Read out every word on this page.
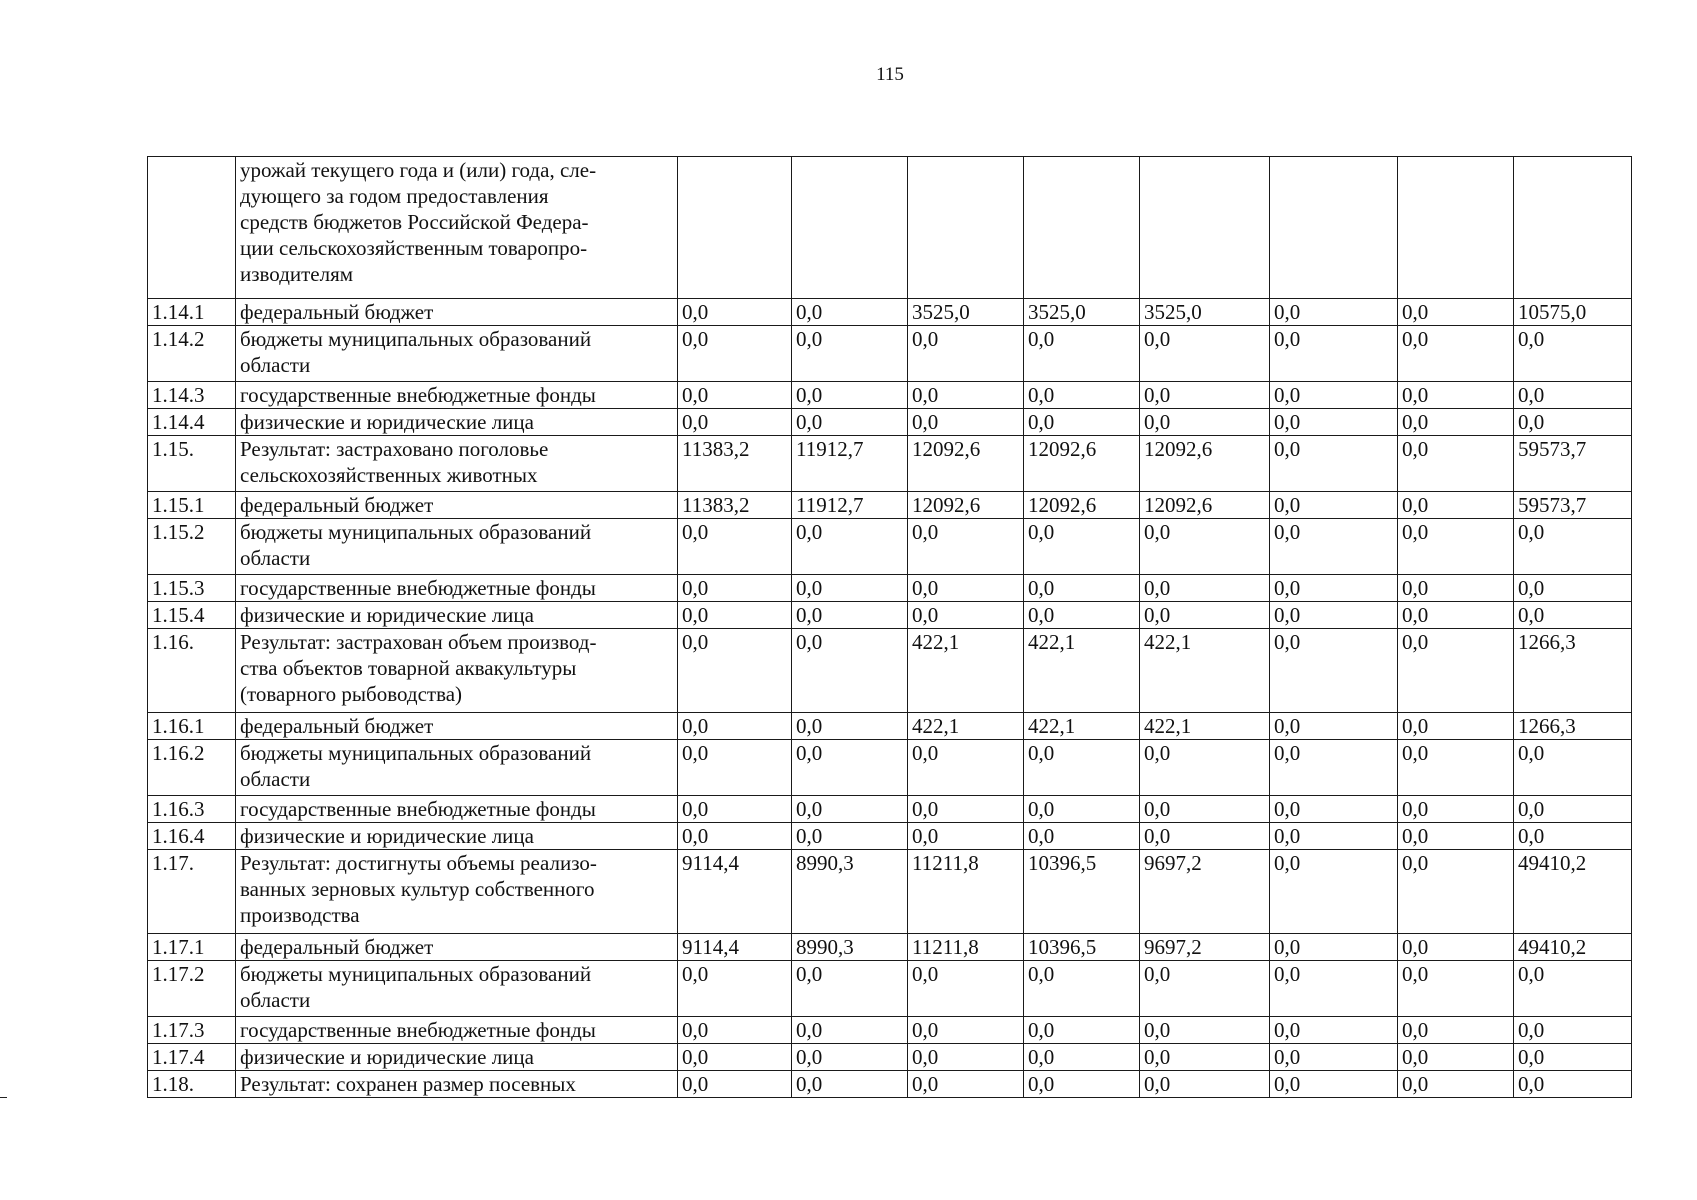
115
	урожай текущего года и (или) года, сле-
дующего за годом предоставления
средств бюджетов Российской Федера-
ции сельскохозяйственным товаропро-
изводителям								
1.14.1	федеральный бюджет	0,0	0,0	3525,0	3525,0	3525,0	0,0	0,0	10575,0
1.14.2	бюджеты муниципальных образований
области	0,0	0,0	0,0	0,0	0,0	0,0	0,0	0,0
1.14.3	государственные внебюджетные фонды	0,0	0,0	0,0	0,0	0,0	0,0	0,0	0,0
1.14.4	физические и юридические лица	0,0	0,0	0,0	0,0	0,0	0,0	0,0	0,0
1.15.	Результат: застраховано поголовье
сельскохозяйственных животных	11383,2	11912,7	12092,6	12092,6	12092,6	0,0	0,0	59573,7
1.15.1	федеральный бюджет	11383,2	11912,7	12092,6	12092,6	12092,6	0,0	0,0	59573,7
1.15.2	бюджеты муниципальных образований
области	0,0	0,0	0,0	0,0	0,0	0,0	0,0	0,0
1.15.3	государственные внебюджетные фонды	0,0	0,0	0,0	0,0	0,0	0,0	0,0	0,0
1.15.4	физические и юридические лица	0,0	0,0	0,0	0,0	0,0	0,0	0,0	0,0
1.16.	Результат: застрахован объем производ-
ства объектов товарной аквакультуры
(товарного рыбоводства)	0,0	0,0	422,1	422,1	422,1	0,0	0,0	1266,3
1.16.1	федеральный бюджет	0,0	0,0	422,1	422,1	422,1	0,0	0,0	1266,3
1.16.2	бюджеты муниципальных образований
области	0,0	0,0	0,0	0,0	0,0	0,0	0,0	0,0
1.16.3	государственные внебюджетные фонды	0,0	0,0	0,0	0,0	0,0	0,0	0,0	0,0
1.16.4	физические и юридические лица	0,0	0,0	0,0	0,0	0,0	0,0	0,0	0,0
1.17.	Результат: достигнуты объемы реализо-
ванных зерновых культур собственного
производства	9114,4	8990,3	11211,8	10396,5	9697,2	0,0	0,0	49410,2
1.17.1	федеральный бюджет	9114,4	8990,3	11211,8	10396,5	9697,2	0,0	0,0	49410,2
1.17.2	бюджеты муниципальных образований
области	0,0	0,0	0,0	0,0	0,0	0,0	0,0	0,0
1.17.3	государственные внебюджетные фонды	0,0	0,0	0,0	0,0	0,0	0,0	0,0	0,0
1.17.4	физические и юридические лица	0,0	0,0	0,0	0,0	0,0	0,0	0,0	0,0
1.18.	Результат: сохранен размер посевных	0,0	0,0	0,0	0,0	0,0	0,0	0,0	0,0
